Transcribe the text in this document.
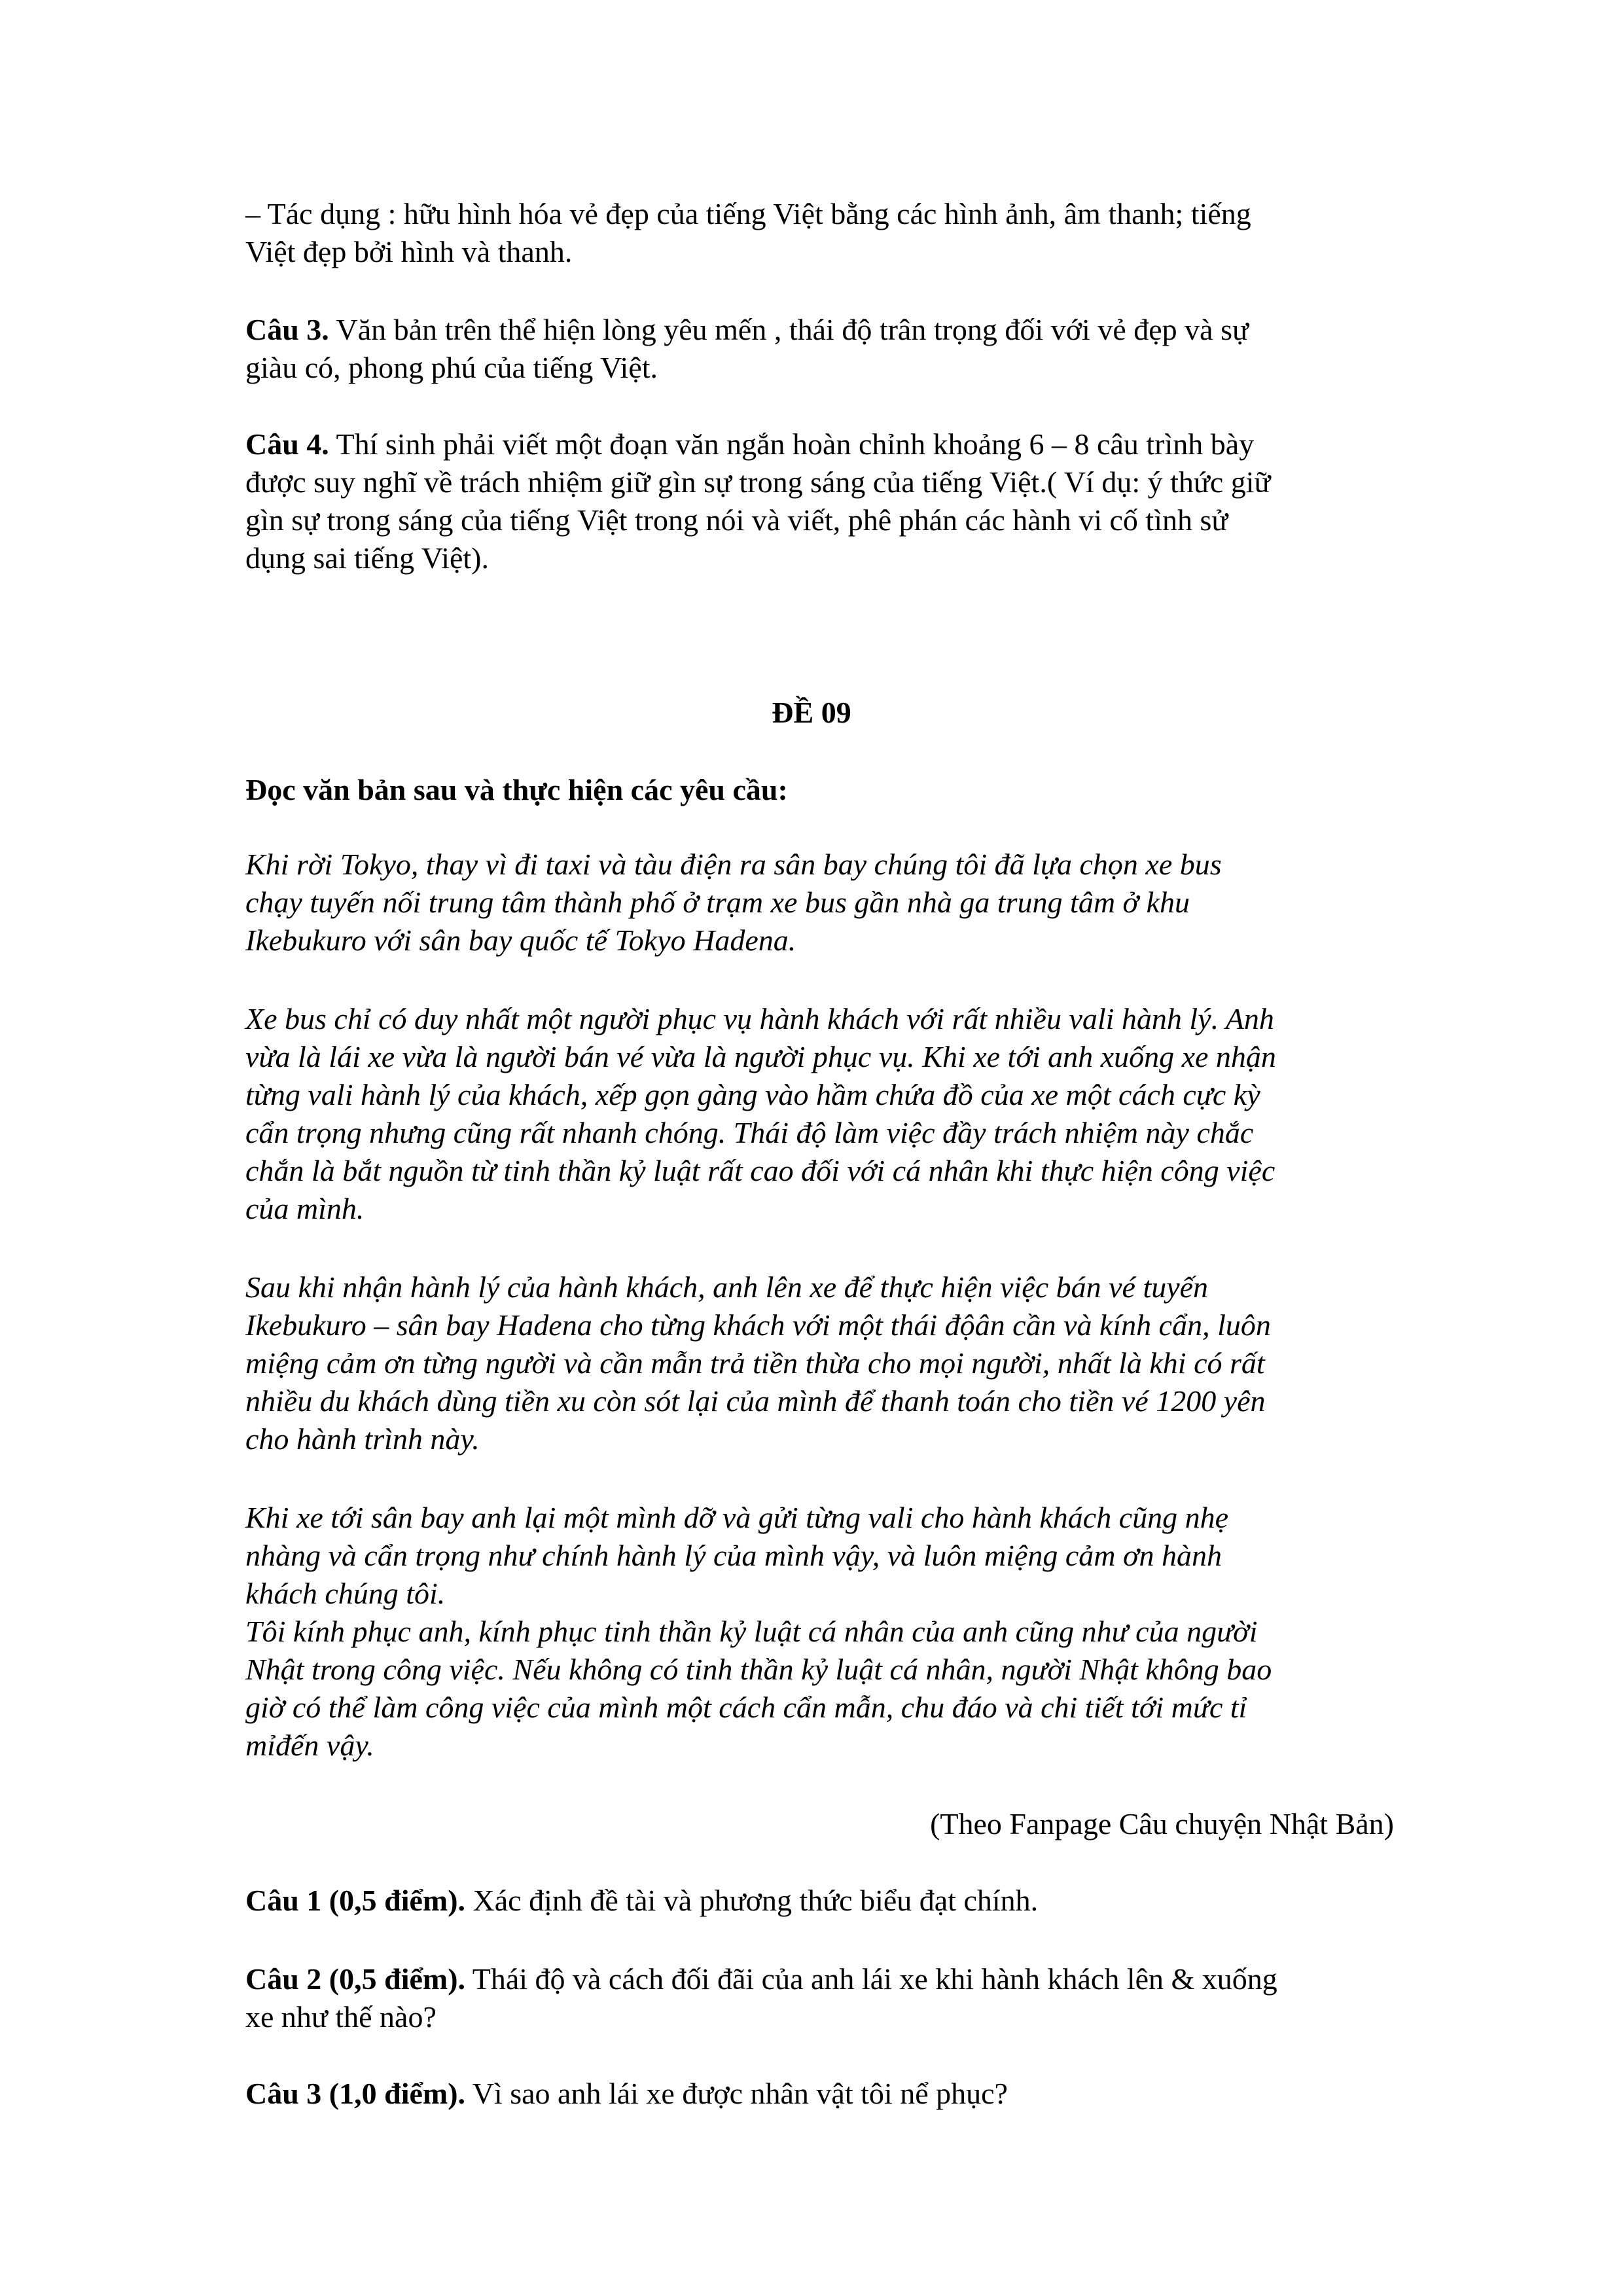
– Tác dụng : hữu hình hóa vẻ đẹp của tiếng Việt bằng các hình ảnh, âm thanh; tiếng
Việt đẹp bởi hình và thanh.
Câu 3. Văn bản trên thể hiện lòng yêu mến , thái độ trân trọng đối với vẻ đẹp và sự
giàu có, phong phú của tiếng Việt.
Câu 4. Thí sinh phải viết một đoạn văn ngắn hoàn chỉnh khoảng 6 – 8 câu trình bày
được suy nghĩ về trách nhiệm giữ gìn sự trong sáng của tiếng Việt.( Ví dụ: ý thức giữ
gìn sự trong sáng của tiếng Việt trong nói và viết, phê phán các hành vi cố tình sử
dụng sai tiếng Việt).
ĐỀ 09
Đọc văn bản sau và thực hiện các yêu cầu:
Khi rời Tokyo, thay vì đi taxi và tàu điện ra sân bay chúng tôi đã lựa chọn xe bus
chạy tuyến nối trung tâm thành phố ở trạm xe bus gần nhà ga trung tâm ở khu
Ikebukuro với sân bay quốc tế Tokyo Hadena.
Xe bus chỉ có duy nhất một người phục vụ hành khách với rất nhiều vali hành lý. Anh
vừa là lái xe vừa là người bán vé vừa là người phục vụ. Khi xe tới anh xuống xe nhận
từng vali hành lý của khách, xếp gọn gàng vào hầm chứa đồ của xe một cách cực kỳ
cẩn trọng nhưng cũng rất nhanh chóng. Thái độ làm việc đầy trách nhiệm này chắc
chắn là bắt nguồn từ tinh thần kỷ luật rất cao đối với cá nhân khi thực hiện công việc
của mình.
Sau khi nhận hành lý của hành khách, anh lên xe để thực hiện việc bán vé tuyến
Ikebukuro – sân bay Hadena cho từng khách với một thái độân cần và kính cẩn, luôn
miệng cảm ơn từng người và cần mẫn trả tiền thừa cho mọi người, nhất là khi có rất
nhiều du khách dùng tiền xu còn sót lại của mình để thanh toán cho tiền vé 1200 yên
cho hành trình này.
Khi xe tới sân bay anh lại một mình dỡ và gửi từng vali cho hành khách cũng nhẹ
nhàng và cẩn trọng như chính hành lý của mình vậy, và luôn miệng cảm ơn hành
khách chúng tôi.
Tôi kính phục anh, kính phục tinh thần kỷ luật cá nhân của anh cũng như của người
Nhật trong công việc. Nếu không có tinh thần kỷ luật cá nhân, người Nhật không bao
giờ có thể làm công việc của mình một cách cẩn mẫn, chu đáo và chi tiết tới mức tỉ
mỉđến vậy.
(Theo Fanpage Câu chuyện Nhật Bản)
Câu 1 (0,5 điểm). Xác định đề tài và phương thức biểu đạt chính.
Câu 2 (0,5 điểm). Thái độ và cách đối đãi của anh lái xe khi hành khách lên & xuống
xe như thế nào?
Câu 3 (1,0 điểm). Vì sao anh lái xe được nhân vật tôi nể phục?
